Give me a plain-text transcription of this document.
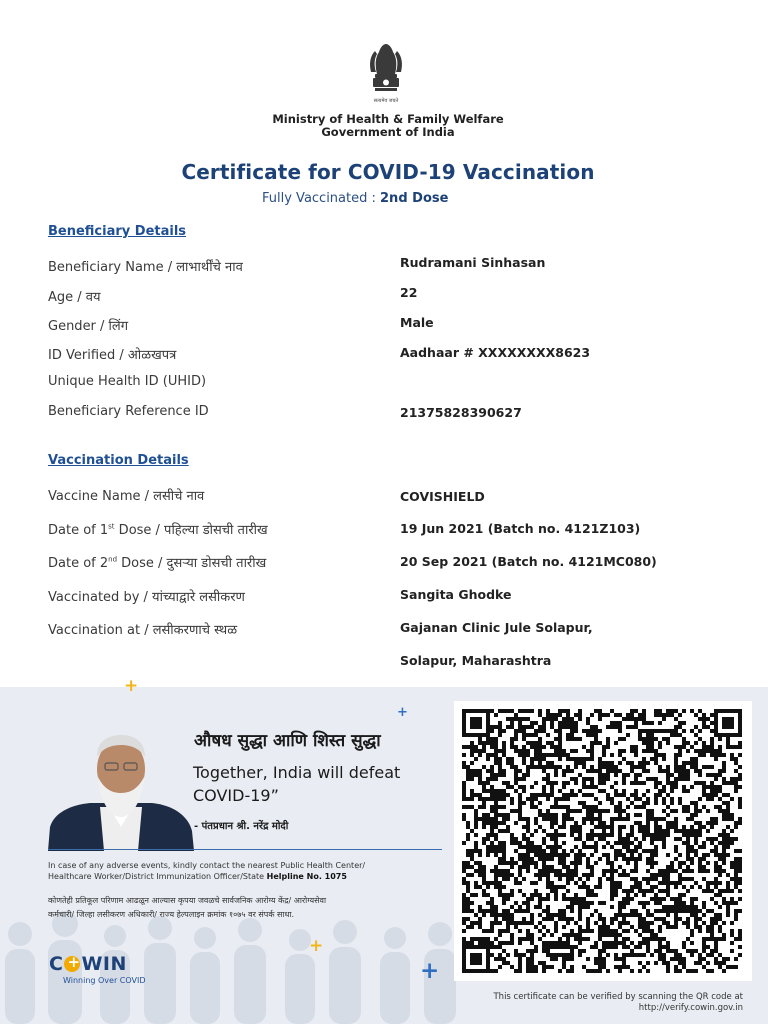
सत्यमेव जयते
Ministry of Health & Family Welfare
Government of India
Certificate for COVID-19 Vaccination
Fully Vaccinated : 2nd Dose
Beneficiary Details
Beneficiary Name / लाभार्थींचे नाव	Rudramani Sinhasan
Age / वय	22
Gender / लिंग	Male
ID Verified / ओळखपत्र	Aadhaar # XXXXXXXX8623
Unique Health ID (UHID)
Beneficiary Reference ID	21375828390627
Vaccination Details
Vaccine Name / लसीचे नाव	COVISHIELD
Date of 1st Dose / पहिल्या डोसची तारीख	19 Jun 2021 (Batch no. 4121Z103)
Date of 2nd Dose / दुसऱ्या डोसची तारीख	20 Sep 2021 (Batch no. 4121MC080)
Vaccinated by / यांच्याद्वारे लसीकरण	Sangita Ghodke
Vaccination at / लसीकरणाचे स्थळ	Gajanan Clinic Jule Solapur,
Solapur, Maharashtra
+
+
+
+
औषध सुद्धा आणि शिस्त सुद्धा
Together, India will defeat COVID-19”
- पंतप्रधान श्री. नरेंद्र मोदी
In case of any adverse events, kindly contact the nearest Public Health Center/
Healthcare Worker/District Immunization Officer/State Helpline No. 1075
कोणतेही प्रतिकूल परिणाम आढळून आल्यास कृपया जवळचे सार्वजनिक आरोग्य केंद्र/ आरोग्यसेवा
कर्मचारी/ जिल्हा लसीकरण अधिकारी/ राज्य हेल्पलाइन क्रमांक १०७५ वर संपर्क साधा.
C+ WIN
Winning Over COVID
This certificate can be verified by scanning the QR code at
http://verify.cowin.gov.in
